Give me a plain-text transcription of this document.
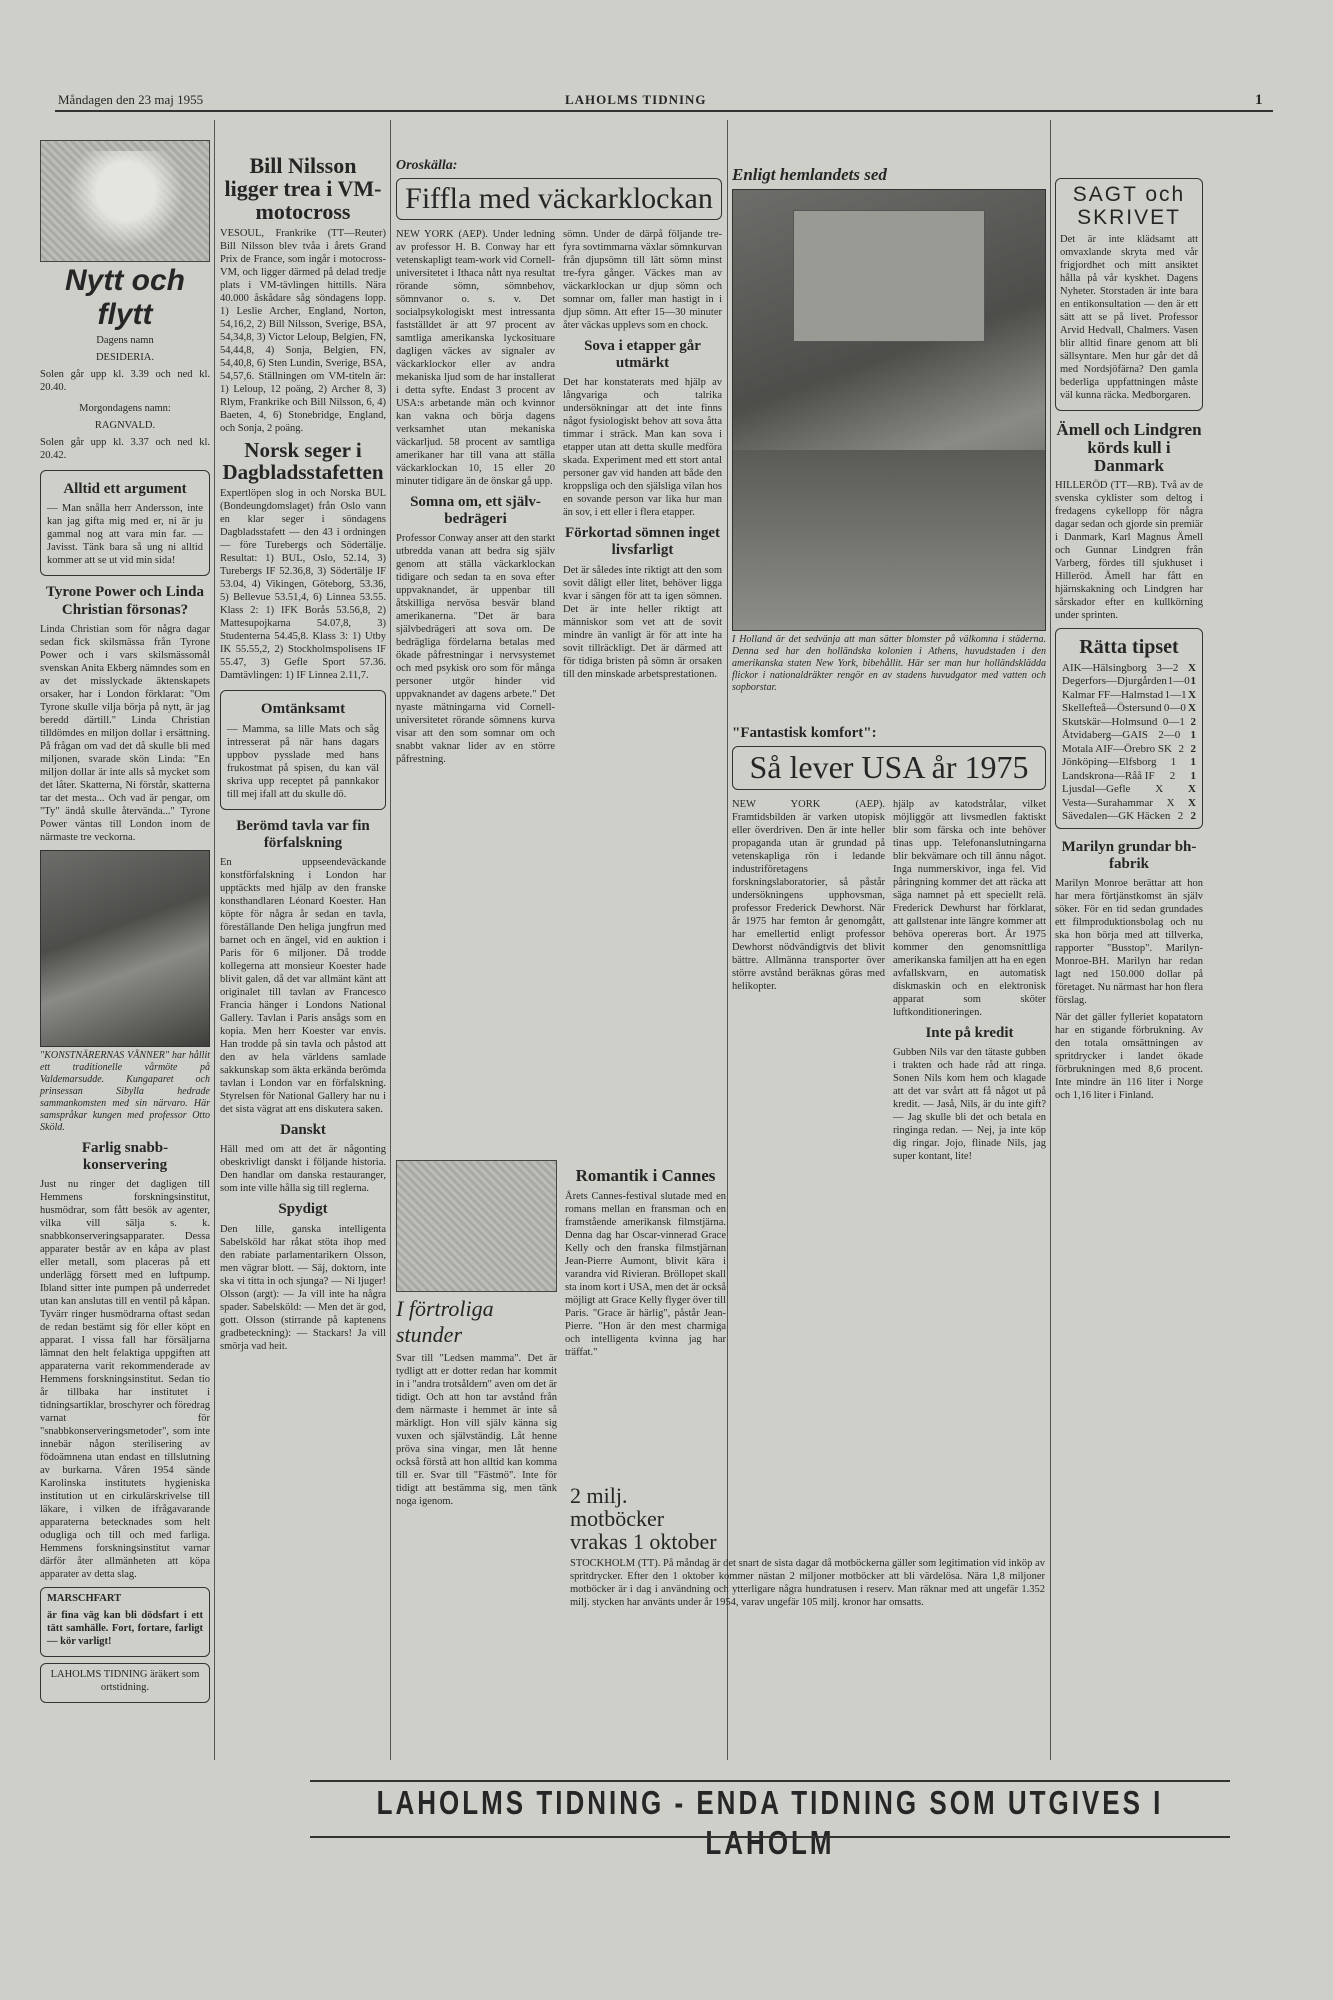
Måndagen den 23 maj 1955	LAHOLMS TIDNING	1
Nytt och flytt
Dagens namn
DESIDERIA.
Solen går upp kl. 3.39 och ned kl. 20.40.
Morgondagens namn:
RAGNVALD.
Solen går upp kl. 3.37 och ned kl. 20.42.
Alltid ett argument
— Man snålla herr Andersson, inte kan jag gifta mig med er, ni är ju gammal nog att vara min far. — Javisst. Tänk bara så ung ni alltid kommer att se ut vid min sida!
Tyrone Power och Linda Christian försonas?
Linda Christian som för några dagar sedan fick skilsmässa från Tyrone Power och i vars skilsmässomål svenskan Anita Ekberg nämndes som en av det misslyckade äktenskapets orsaker, har i London förklarat: "Om Tyrone skulle vilja börja på nytt, är jag beredd därtill." Linda Christian tilldömdes en miljon dollar i ersättning. På frågan om vad det då skulle bli med miljonen, svarade skön Linda: "En miljon dollar är inte alls så mycket som det låter. Skatterna, Ni förstår, skatterna tar det mesta... Och vad är pengar, om "Ty" ändå skulle återvända..." Tyrone Power väntas till London inom de närmaste tre veckorna.
"KONSTNÄRERNAS VÄNNER" har hållit ett traditionelle vårmöte på Valdemarsudde. Kungaparet och prinsessan Sibylla hedrade sammankomsten med sin närvaro. Här samspråkar kungen med professor Otto Sköld.
Farlig snabb-konservering
Just nu ringer det dagligen till Hemmens forskningsinstitut, husmödrar, som fått besök av agenter, vilka vill sälja s. k. snabbkonserveringsapparater. Dessa apparater består av en kåpa av plast eller metall, som placeras på ett underlägg försett med en luftpump. Ibland sitter inte pumpen på underredet utan kan anslutas till en ventil på kåpan. Tyvärr ringer husmödrarna oftast sedan de redan bestämt sig för eller köpt en apparat. I vissa fall har försäljarna lämnat den helt felaktiga uppgiften att apparaterna varit rekommenderade av Hemmens forskningsinstitut. Sedan tio år tillbaka har institutet i tidningsartiklar, broschyrer och föredrag varnat för "snabbkonserveringsmetoder", som inte innebär någon sterilisering av födoämnena utan endast en tillslutning av burkarna. Våren 1954 sände Karolinska institutets hygieniska institution ut en cirkulärskrivelse till läkare, i vilken de ifrågavarande apparaterna betecknades som helt odugliga och till och med farliga. Hemmens forskningsinstitut varnar därför åter allmänheten att köpa apparater av detta slag.
MARSCHFART
är fina väg kan bli dödsfart i ett tätt samhälle. Fort, fortare, farligt — kör varligt!
LAHOLMS TIDNING äräkert som ortstidning.
Bill Nilsson ligger trea i VM-motocross
VESOUL, Frankrike (TT—Reuter) Bill Nilsson blev tvåa i årets Grand Prix de France, som ingår i motocross-VM, och ligger därmed på delad tredje plats i VM-tävlingen hittills. Nära 40.000 åskådare såg söndagens lopp. 1) Leslie Archer, England, Norton, 54,16,2, 2) Bill Nilsson, Sverige, BSA, 54,34,8, 3) Victor Leloup, Belgien, FN, 54,44,8, 4) Sonja, Belgien, FN, 54,40,8, 6) Sten Lundin, Sverige, BSA, 54,57,6. Ställningen om VM-titeln är: 1) Leloup, 12 poäng, 2) Archer 8, 3) Rlym, Frankrike och Bill Nilsson, 6, 4) Baeten, 4, 6) Stonebridge, England, och Sonja, 2 poäng.
Norsk seger i Dagbladsstafetten
Expertlöpen slog in och Norska BUL (Bondeungdomslaget) från Oslo vann en klar seger i söndagens Dagbladsstafett — den 43 i ordningen — före Turebergs och Södertälje. Resultat: 1) BUL, Oslo, 52.14, 3) Turebergs IF 52.36,8, 3) Södertälje IF 53.04, 4) Vikingen, Göteborg, 53.36, 5) Bellevue 53.51,4, 6) Linnea 53.55. Klass 2: 1) IFK Borås 53.56,8, 2) Mattesupojkarna 54.07,8, 3) Studenterna 54.45,8. Klass 3: 1) Utby IK 55.55,2, 2) Stockholmspolisens IF 55.47, 3) Gefle Sport 57.36. Damtävlingen: 1) IF Linnea 2.11,7.
Omtänksamt
— Mamma, sa lille Mats och såg intresserat på när hans dagars uppbov pysslade med hans frukostmat på spisen, du kan väl skriva upp receptet på pannkakor till mej ifall att du skulle dö.
Berömd tavla var fin förfalskning
En uppseendeväckande konstförfalskning i London har upptäckts med hjälp av den franske konsthandlaren Léonard Koester. Han köpte för några år sedan en tavla, föreställande Den heliga jungfrun med barnet och en ängel, vid en auktion i Paris för 6 miljoner. Då trodde kollegerna att monsieur Koester hade blivit galen, då det var allmänt känt att originalet till tavlan av Francesco Francia hänger i Londons National Gallery. Tavlan i Paris ansågs som en kopia. Men herr Koester var envis. Han trodde på sin tavla och påstod att den av hela världens samlade sakkunskap som äkta erkända berömda tavlan i London var en förfalskning. Styrelsen för National Gallery har nu i det sista vägrat att ens diskutera saken.
Danskt
Häll med om att det är någonting obeskrivligt danskt i följande historia. Den handlar om danska restauranger, som inte ville hålla sig till reglerna.
Spydigt
Den lille, ganska intelligenta Sabelsköld har råkat stöta ihop med den rabiate parlamentarikern Olsson, men vägrar blott. — Säj, doktorn, inte ska vi titta in och sjunga? — Ni ljuger! Olsson (argt): — Ja vill inte ha några spader. Sabelsköld: — Men det är god, gott. Olsson (stirrande på kaptenens gradbeteckning): — Stackars! Ja vill smörja vad heit.
Oroskälla:
Fiffla med väckarklockan
NEW YORK (AEP). Under ledning av professor H. B. Conway har ett vetenskapligt team-work vid Cornell-universitetet i Ithaca nått nya resultat rörande sömn, sömnbehov, sömnvanor o. s. v. Det socialpsykologiskt mest intressanta fastställdet är att 97 procent av samtliga amerikanska lyckosituare dagligen väckes av signaler av väckarklockor eller av andra mekaniska ljud som de har installerat i detta syfte. Endast 3 procent av USA:s arbetande män och kvinnor kan vakna och börja dagens verksamhet utan mekaniska väckarljud. 58 procent av samtliga amerikaner har till vana att ställa väckarklockan 10, 15 eller 20 minuter tidigare än de önskar gå upp.
Somna om, ett själv-bedrägeri
Professor Conway anser att den starkt utbredda vanan att bedra sig själv genom att ställa väckarklockan tidigare och sedan ta en sova efter uppvaknandet, är uppenbar till åtskilliga nervösa besvär bland amerikanerna. "Det är bara självbedrägeri att sova om. De bedrägliga fördelarna betalas med ökade påfrestningar i nervsystemet och med psykisk oro som för många personer utgör hinder vid uppvaknandet av dagens arbete." Det nyaste mätningarna vid Cornell-universitetet rörande sömnens kurva visar att den som somnar om och snabbt vaknar lider av en större påfrestning.
sömn. Under de därpå följande tre-fyra sovtimmarna växlar sömnkurvan från djupsömn till lätt sömn minst tre-fyra gånger. Väckes man av väckarklockan ur djup sömn och somnar om, faller man hastigt in i djup sömn. Att efter 15—30 minuter åter väckas upplevs som en chock.
Sova i etapper går utmärkt
Det har konstaterats med hjälp av långvariga och talrika undersökningar att det inte finns något fysiologiskt behov att sova åtta timmar i sträck. Man kan sova i etapper utan att detta skulle medföra skada. Experiment med ett stort antal personer gav vid handen att både den kroppsliga och den själsliga vilan hos en sovande person var lika hur man än sov, i ett eller i flera etapper.
Förkortad sömnen inget livsfarligt
Det är således inte riktigt att den som sovit dåligt eller litet, behöver ligga kvar i sängen för att ta igen sömnen. Det är inte heller riktigt att människor som vet att de sovit mindre än vanligt är för att inte ha sovit tillräckligt. Det är därmed att för tidiga bristen på sömn är orsaken till den minskade arbetsprestationen.
Enligt hemlandets sed
I Holland är det sedvänja att man sätter blomster på välkomna i städerna. Denna sed har den holländska kolonien i Athens, huvudstaden i den amerikanska staten New York, bibehållit. Här ser man hur holländsklädda flickor i nationaldräkter rengör en av stadens huvudgator med vatten och sopborstar.
"Fantastisk komfort":
Så lever USA år 1975
NEW YORK (AEP). Framtidsbilden är varken utopisk eller överdriven. Den är inte heller propaganda utan är grundad på vetenskapliga rön i ledande industriföretagens forskningslaboratorier, så påstår undersökningens upphovsman, professor Frederick Dewhorst. När år 1975 har femton år genomgått, har emellertid enligt professor Dewhorst nödvändigtvis det blivit bättre. Allmänna transporter över större avstånd beräknas göras med helikopter.
hjälp av katodstrålar, vilket möjliggör att livsmedlen faktiskt blir som färska och inte behöver tinas upp. Telefonanslutningarna blir bekvämare och till ännu något. Inga nummerskivor, inga fel. Vid påringning kommer det att räcka att säga namnet på ett speciellt relä. Frederick Dewhurst har förklarat, att gallstenar inte längre kommer att behöva opereras bort. År 1975 kommer den genomsnittliga amerikanska familjen att ha en egen avfallskvarn, en automatisk diskmaskin och en elektronisk apparat som sköter luftkonditioneringen.
Inte på kredit
Gubben Nils var den tätaste gubben i trakten och hade råd att ringa. Sonen Nils kom hem och klagade att det var svårt att få något ut på kredit. — Jaså, Nils, är du inte gift? — Jag skulle bli det och betala en ringinga redan. — Nej, ja inte köp dig ringar. Jojo, flinade Nils, jag super kontant, lite!
I förtroliga stunder
Svar till "Ledsen mamma". Det är tydligt att er dotter redan har kommit in i "andra trotsåldern" aven om det är tidigt. Och att hon tar avstånd från dem närmaste i hemmet är inte så märkligt. Hon vill själv känna sig vuxen och självständig. Låt henne pröva sina vingar, men låt henne också förstå att hon alltid kan komma till er. Svar till "Fästmö". Inte för tidigt att bestämma sig, men tänk noga igenom.
Romantik i Cannes
Årets Cannes-festival slutade med en romans mellan en fransman och en framstående amerikansk filmstjärna. Denna dag har Oscar-vinnerad Grace Kelly och den franska filmstjärnan Jean-Pierre Aumont, blivit kära i varandra vid Rivieran. Bröllopet skall sta inom kort i USA, men det är också möjligt att Grace Kelly flyger över till Paris. "Grace är härlig", påstår Jean-Pierre. "Hon är den mest charmiga och intelligenta kvinna jag har träffat."
2 milj. motböcker vrakas 1 oktober
STOCKHOLM (TT). På måndag är det snart de sista dagar då motböckerna gäller som legitimation vid inköp av spritdrycker. Efter den 1 oktober kommer nästan 2 miljoner motböcker att bli värdelösa. Nära 1,8 miljoner motböcker är i dag i användning och ytterligare några hundratusen i reserv. Man räknar med att ungefär 1.352 milj. stycken har använts under år 1954, varav ungefär 105 milj. kronor har omsatts.
SAGT och SKRIVET
Det är inte klädsamt att omvaxlande skryta med vår frigjordhet och mitt ansiktet hålla på vår kyskhet. Dagens Nyheter. Storstaden är inte bara en entikonsultation — den är ett sätt att se på livet. Professor Arvid Hedvall, Chalmers. Vasen blir alltid finare genom att bli sällsyntare. Men hur går det då med Nordsjöfärna? Den gamla bederliga uppfattningen måste väl kunna räcka. Medborgaren.
Ämell och Lindgren körds kull i Danmark
HILLERÖD (TT—RB). Två av de svenska cyklister som deltog i fredagens cykellopp för några dagar sedan och gjorde sin premiär i Danmark, Karl Magnus Ämell och Gunnar Lindgren från Varberg, fördes till sjukhuset i Hilleröd. Ämell har fått en hjärnskakning och Lindgren har sårskador efter en kullkörning under sprinten.
Rätta tipset
AIK—Hälsingborg 3—2 X
Degerfors—Djurgården 1—0 1
Kalmar FF—Halmstad 1—1 X
Skellefteå—Östersund 0—0 X
Skutskär—Holmsund 0—1 2
Åtvidaberg—GAIS 2—0 1
Motala AIF—Örebro SK 2 2
Jönköping—Elfsborg 1 1
Landskrona—Råå IF 2 1
Ljusdal—Gefle X X
Vesta—Surahammar X X
Sävedalen—GK Häcken 2 2
Marilyn grundar bh-fabrik
Marilyn Monroe berättar att hon har mera förtjänstkomst än själv söker. För en tid sedan grundades ett filmproduktionsbolag och nu ska hon börja med att tillverka, rapporter "Busstop". Marilyn-Monroe-BH. Marilyn har redan lagt ned 150.000 dollar på företaget. Nu närmast har hon flera förslag.
När det gäller fylleriet kopatatorn har en stigande förbrukning. Av den totala omsättningen av spritdrycker i landet ökade förbrukningen med 8,6 procent. Inte mindre än 116 liter i Norge och 1,16 liter i Finland.
LAHOLMS TIDNING - ENDA TIDNING SOM UTGIVES I LAHOLM
